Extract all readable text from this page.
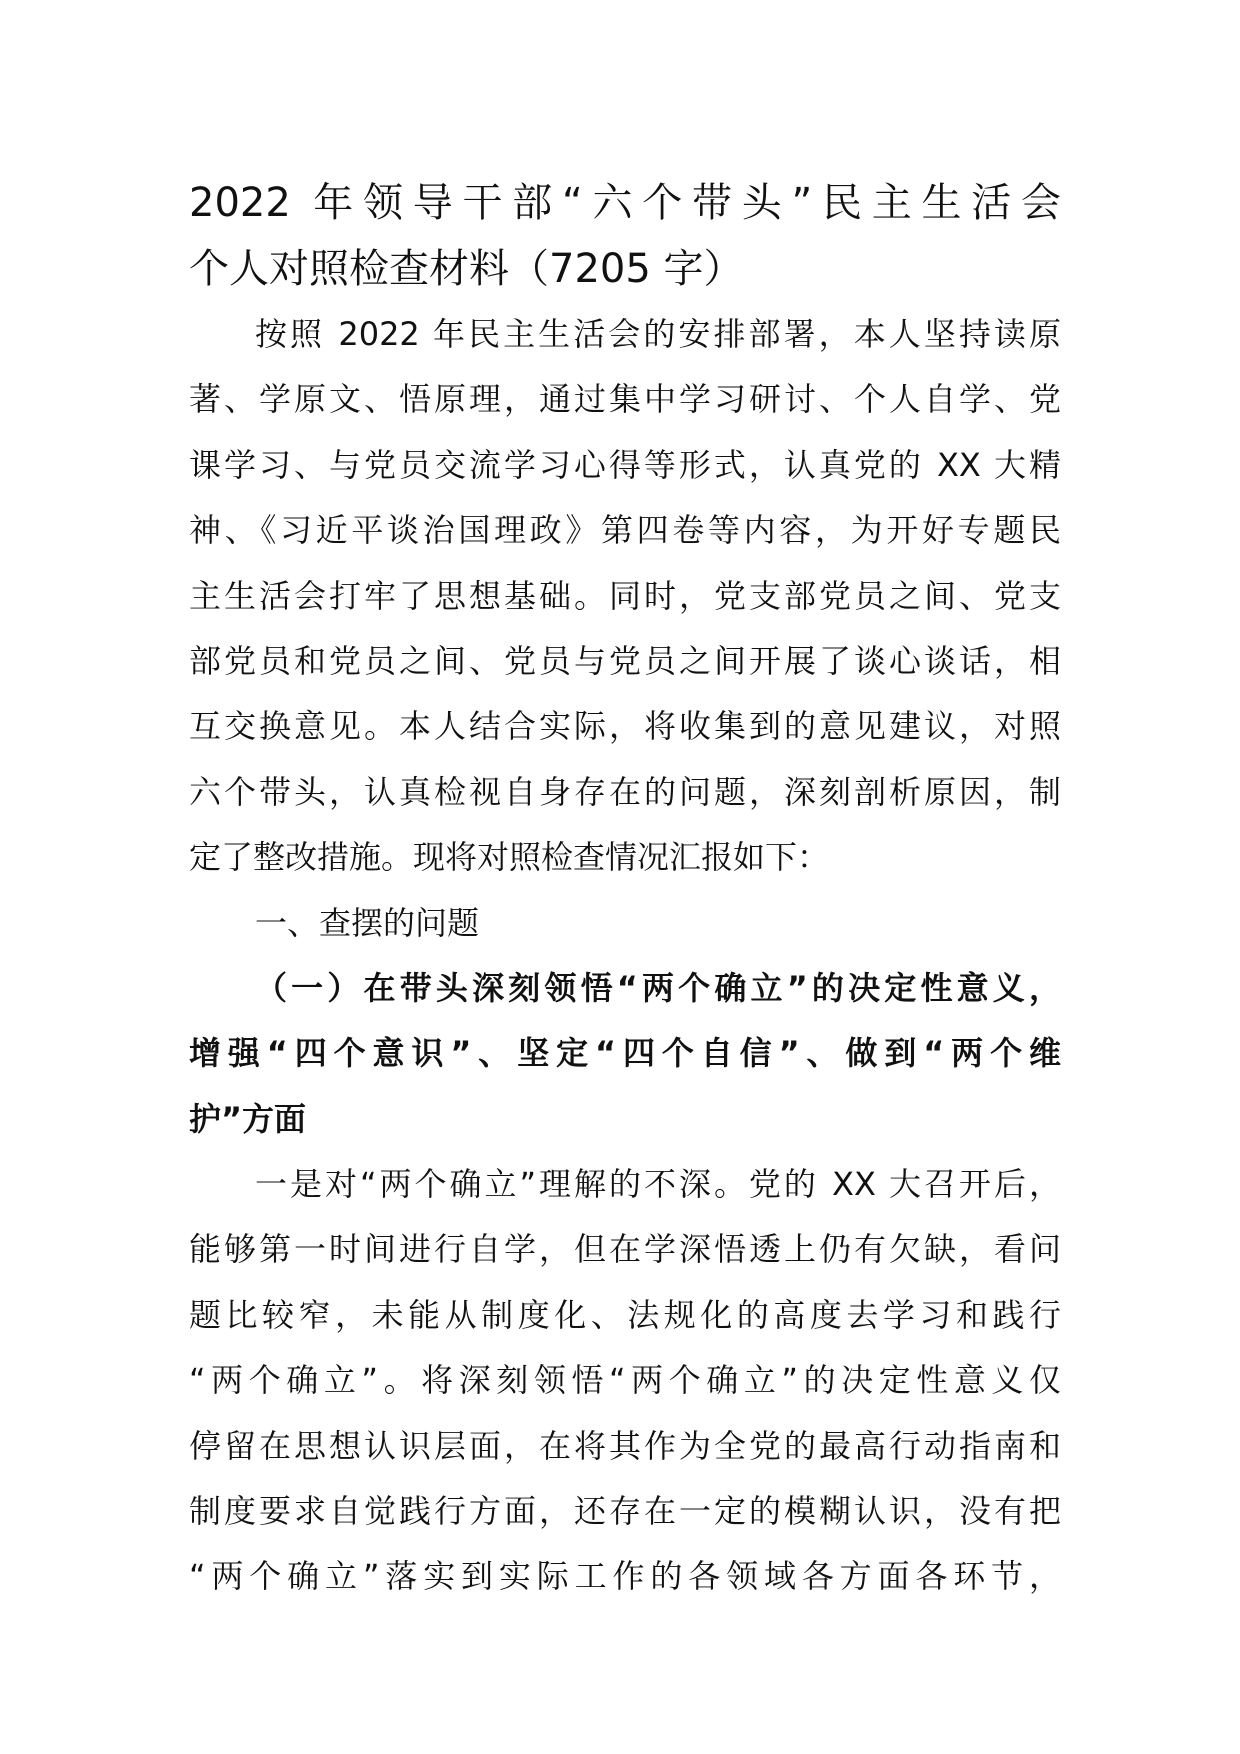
2022 年领导干部“六个带头”民主生活会
个人对照检查材料（7205 字）
按照 2022 年民主生活会的安排部署，本人坚持读原
著、学原文、悟原理，通过集中学习研讨、个人自学、党
课学习、与党员交流学习心得等形式，认真党的 XX 大精
神、《习近平谈治国理政》第四卷等内容，为开好专题民
主生活会打牢了思想基础。同时，党支部党员之间、党支
部党员和党员之间、党员与党员之间开展了谈心谈话，相
互交换意见。本人结合实际，将收集到的意见建议，对照
六个带头，认真检视自身存在的问题，深刻剖析原因，制
定了整改措施。现将对照检查情况汇报如下：
一、查摆的问题
（一）在带头深刻领悟“两个确立”的决定性意义，
增强“四个意识”、坚定“四个自信”、做到“两个维
护”方面
一是对“两个确立”理解的不深。党的 XX 大召开后，
能够第一时间进行自学，但在学深悟透上仍有欠缺，看问
题比较窄，未能从制度化、法规化的高度去学习和践行
“两个确立”。将深刻领悟“两个确立”的决定性意义仅
停留在思想认识层面，在将其作为全党的最高行动指南和
制度要求自觉践行方面，还存在一定的模糊认识，没有把
“两个确立”落实到实际工作的各领域各方面各环节，
